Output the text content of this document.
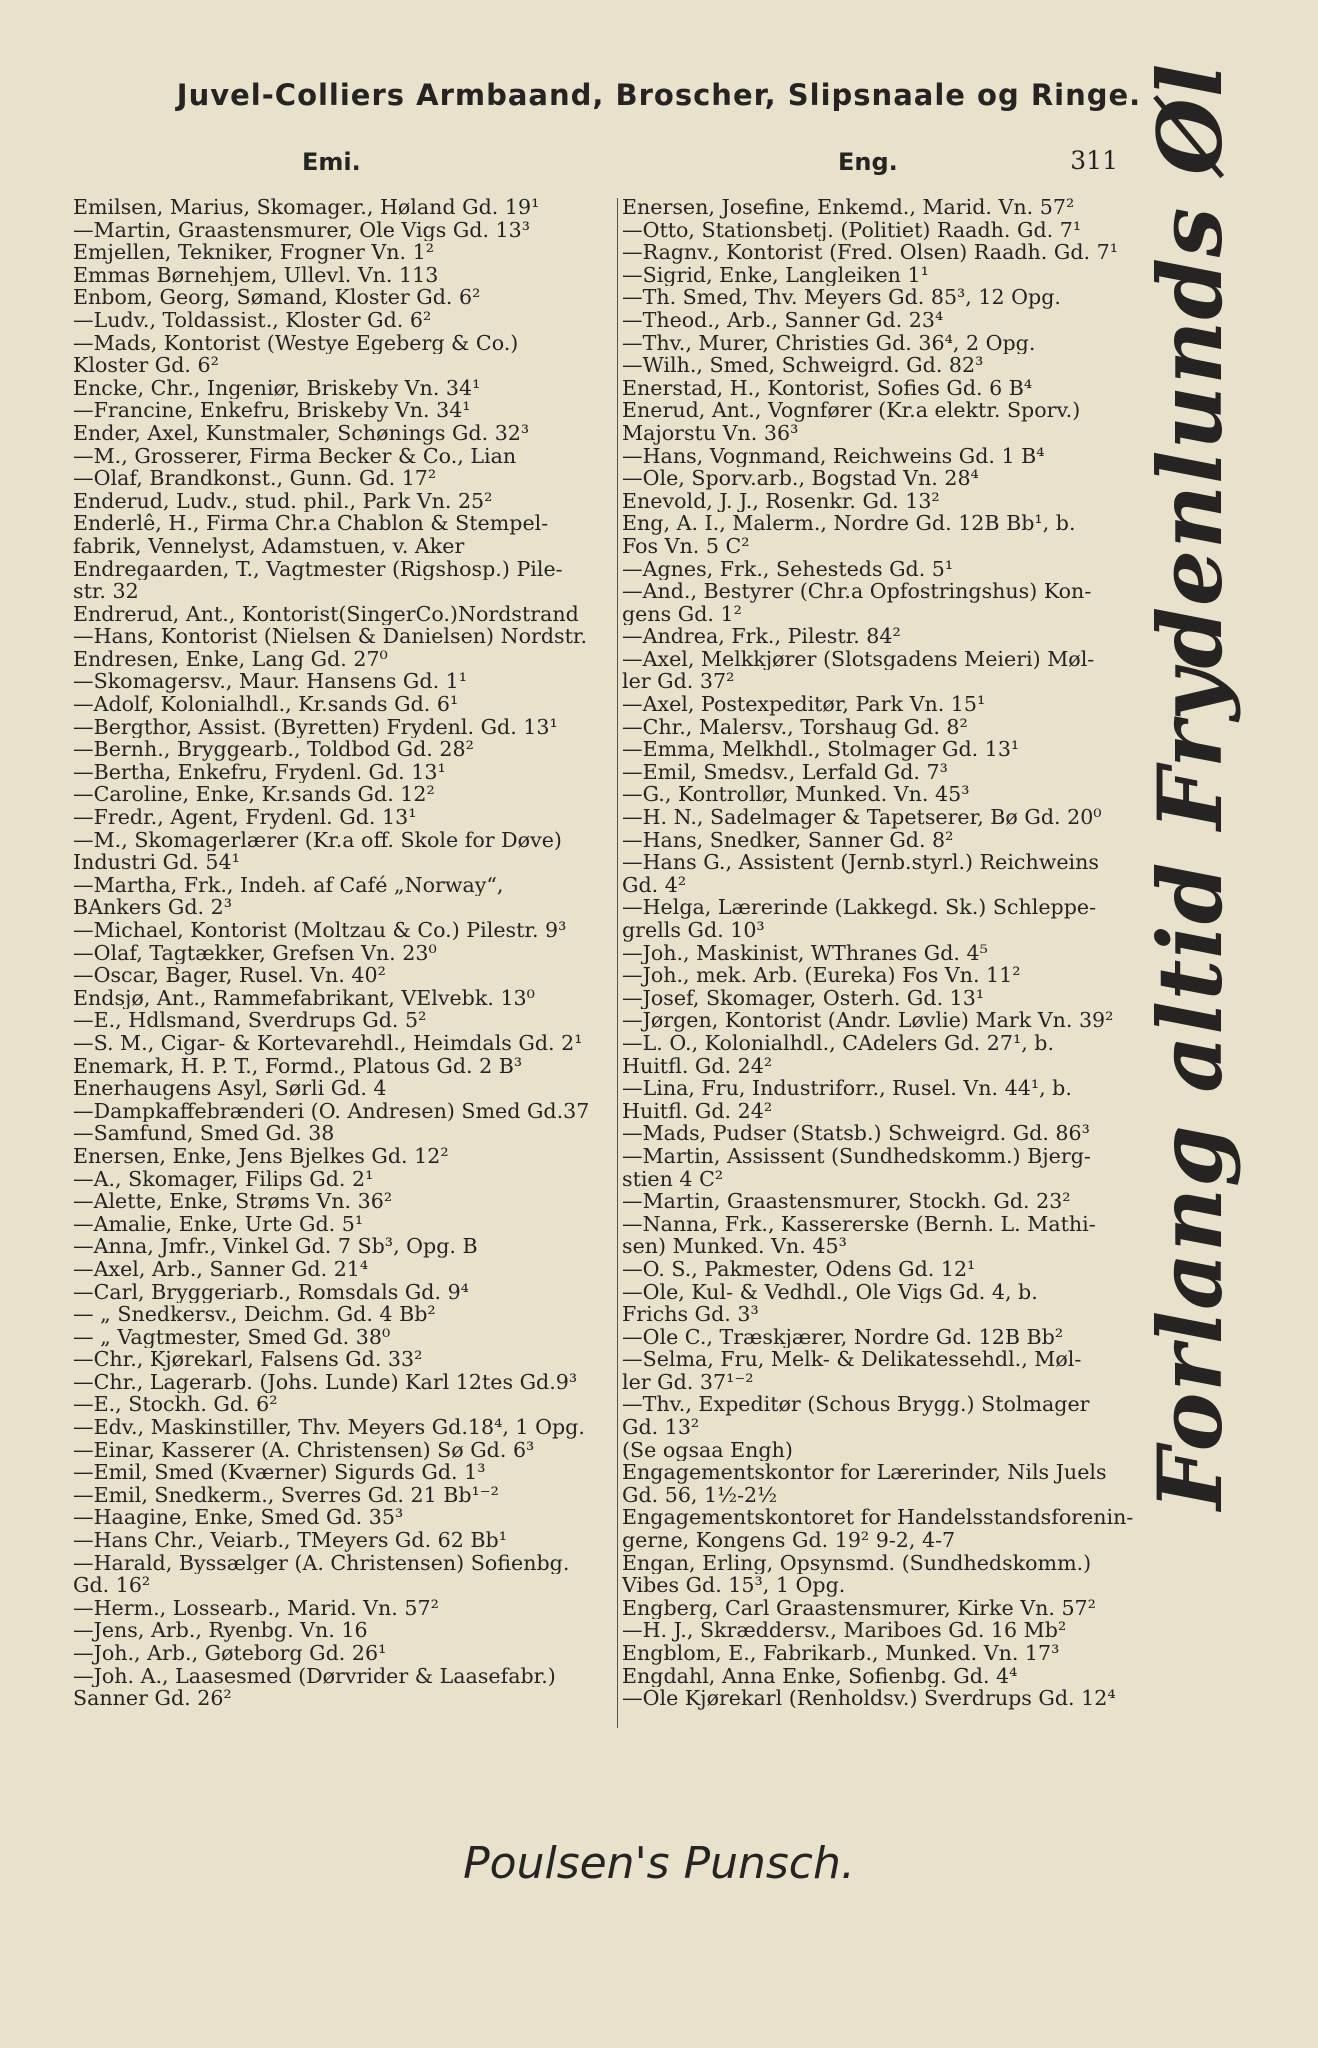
Juvel-Colliers Armbaand, Broscher, Slipsnaale og Ringe.
Emi.	Eng.	311
Emilsen, Marius, Skomager., Høland Gd. 19¹
—Martin, Graastensmurer, Ole Vigs Gd. 13³
Emjellen, Tekniker, Frogner Vn. 1²
Emmas Børnehjem, Ullevl. Vn. 113
Enbom, Georg, Sømand, Kloster Gd. 6²
—Ludv., Toldassist., Kloster Gd. 6²
—Mads, Kontorist (Westye Egeberg & Co.)
Kloster Gd. 6²
Encke, Chr., Ingeniør, Briskeby Vn. 34¹
—Francine, Enkefru, Briskeby Vn. 34¹
Ender, Axel, Kunstmaler, Schønings Gd. 32³
—M., Grosserer, Firma Becker & Co., Lian
—Olaf, Brandkonst., Gunn. Gd. 17²
Enderud, Ludv., stud. phil., Park Vn. 25²
Enderlê, H., Firma Chr.a Chablon & Stempel-
fabrik, Vennelyst, Adamstuen, v. Aker
Endregaarden, T., Vagtmester (Rigshosp.) Pile-
str. 32
Endrerud, Ant., Kontorist(SingerCo.)Nordstrand
—Hans, Kontorist (Nielsen & Danielsen) Nordstr.
Endresen, Enke, Lang Gd. 27⁰
—Skomagersv., Maur. Hansens Gd. 1¹
—Adolf, Kolonialhdl., Kr.sands Gd. 6¹
—Bergthor, Assist. (Byretten) Frydenl. Gd. 13¹
—Bernh., Bryggearb., Toldbod Gd. 28²
—Bertha, Enkefru, Frydenl. Gd. 13¹
—Caroline, Enke, Kr.sands Gd. 12²
—Fredr., Agent, Frydenl. Gd. 13¹
—M., Skomagerlærer (Kr.a off. Skole for Døve)
Industri Gd. 54¹
—Martha, Frk., Indeh. af Café „Norway“,
BAnkers Gd. 2³
—Michael, Kontorist (Moltzau & Co.) Pilestr. 9³
—Olaf, Tagtækker, Grefsen Vn. 23⁰
—Oscar, Bager, Rusel. Vn. 40²
Endsjø, Ant., Rammefabrikant, VElvebk. 13⁰
—E., Hdlsmand, Sverdrups Gd. 5²
—S. M., Cigar- & Kortevarehdl., Heimdals Gd. 2¹
Enemark, H. P. T., Formd., Platous Gd. 2 B³
Enerhaugens Asyl, Sørli Gd. 4
—Dampkaffebrænderi (O. Andresen) Smed Gd.37
—Samfund, Smed Gd. 38
Enersen, Enke, Jens Bjelkes Gd. 12²
—A., Skomager, Filips Gd. 2¹
—Alette, Enke, Strøms Vn. 36²
—Amalie, Enke, Urte Gd. 5¹
—Anna, Jmfr., Vinkel Gd. 7 Sb³, Opg. B
—Axel, Arb., Sanner Gd. 21⁴
—Carl, Bryggeriarb., Romsdals Gd. 9⁴
— „ Snedkersv., Deichm. Gd. 4 Bb²
— „ Vagtmester, Smed Gd. 38⁰
—Chr., Kjørekarl, Falsens Gd. 33²
—Chr., Lagerarb. (Johs. Lunde) Karl 12tes Gd.9³
—E., Stockh. Gd. 6²
—Edv., Maskinstiller, Thv. Meyers Gd.18⁴, 1 Opg.
—Einar, Kasserer (A. Christensen) Sø Gd. 6³
—Emil, Smed (Kværner) Sigurds Gd. 1³
—Emil, Snedkerm., Sverres Gd. 21 Bb¹⁻²
—Haagine, Enke, Smed Gd. 35³
—Hans Chr., Veiarb., TMeyers Gd. 62 Bb¹
—Harald, Byssælger (A. Christensen) Sofienbg.
Gd. 16²
—Herm., Lossearb., Marid. Vn. 57²
—Jens, Arb., Ryenbg. Vn. 16
—Joh., Arb., Gøteborg Gd. 26¹
—Joh. A., Laasesmed (Dørvrider & Laasefabr.)
Sanner Gd. 26²
Enersen, Josefine, Enkemd., Marid. Vn. 57²
—Otto, Stationsbetj. (Politiet) Raadh. Gd. 7¹
—Ragnv., Kontorist (Fred. Olsen) Raadh. Gd. 7¹
—Sigrid, Enke, Langleiken 1¹
—Th. Smed, Thv. Meyers Gd. 85³, 12 Opg.
—Theod., Arb., Sanner Gd. 23⁴
—Thv., Murer, Christies Gd. 36⁴, 2 Opg.
—Wilh., Smed, Schweigrd. Gd. 82³
Enerstad, H., Kontorist, Sofies Gd. 6 B⁴
Enerud, Ant., Vognfører (Kr.a elektr. Sporv.)
Majorstu Vn. 36³
—Hans, Vognmand, Reichweins Gd. 1 B⁴
—Ole, Sporv.arb., Bogstad Vn. 28⁴
Enevold, J. J., Rosenkr. Gd. 13²
Eng, A. I., Malerm., Nordre Gd. 12B Bb¹, b.
Fos Vn. 5 C²
—Agnes, Frk., Sehesteds Gd. 5¹
—And., Bestyrer (Chr.a Opfostringshus) Kon-
gens Gd. 1²
—Andrea, Frk., Pilestr. 84²
—Axel, Melkkjører (Slotsgadens Meieri) Møl-
ler Gd. 37²
—Axel, Postexpeditør, Park Vn. 15¹
—Chr., Malersv., Torshaug Gd. 8²
—Emma, Melkhdl., Stolmager Gd. 13¹
—Emil, Smedsv., Lerfald Gd. 7³
—G., Kontrollør, Munked. Vn. 45³
—H. N., Sadelmager & Tapetserer, Bø Gd. 20⁰
—Hans, Snedker, Sanner Gd. 8²
—Hans G., Assistent (Jernb.styrl.) Reichweins
Gd. 4²
—Helga, Lærerinde (Lakkegd. Sk.) Schleppe-
grells Gd. 10³
—Joh., Maskinist, WThranes Gd. 4⁵
—Joh., mek. Arb. (Eureka) Fos Vn. 11²
—Josef, Skomager, Osterh. Gd. 13¹
—Jørgen, Kontorist (Andr. Løvlie) Mark Vn. 39²
—L. O., Kolonialhdl., CAdelers Gd. 27¹, b.
Huitfl. Gd. 24²
—Lina, Fru, Industriforr., Rusel. Vn. 44¹, b.
Huitfl. Gd. 24²
—Mads, Pudser (Statsb.) Schweigrd. Gd. 86³
—Martin, Assissent (Sundhedskomm.) Bjerg-
stien 4 C²
—Martin, Graastensmurer, Stockh. Gd. 23²
—Nanna, Frk., Kassererske (Bernh. L. Mathi-
sen) Munked. Vn. 45³
—O. S., Pakmester, Odens Gd. 12¹
—Ole, Kul- & Vedhdl., Ole Vigs Gd. 4, b.
Frichs Gd. 3³
—Ole C., Træskjærer, Nordre Gd. 12B Bb²
—Selma, Fru, Melk- & Delikatessehdl., Møl-
ler Gd. 37¹⁻²
—Thv., Expeditør (Schous Brygg.) Stolmager
Gd. 13²
(Se ogsaa Engh)
Engagementskontor for Lærerinder, Nils Juels
Gd. 56, 1½-2½
Engagementskontoret for Handelsstandsforenin-
gerne, Kongens Gd. 19² 9-2, 4-7
Engan, Erling, Opsynsmd. (Sundhedskomm.)
Vibes Gd. 15³, 1 Opg.
Engberg, Carl Graastensmurer, Kirke Vn. 57²
—H. J., Skræddersv., Mariboes Gd. 16 Mb²
Engblom, E., Fabrikarb., Munked. Vn. 17³
Engdahl, Anna Enke, Sofienbg. Gd. 4⁴
—Ole Kjørekarl (Renholdsv.) Sverdrups Gd. 12⁴
Forlang altid Frydenlunds Øl
Poulsen's Punsch.
